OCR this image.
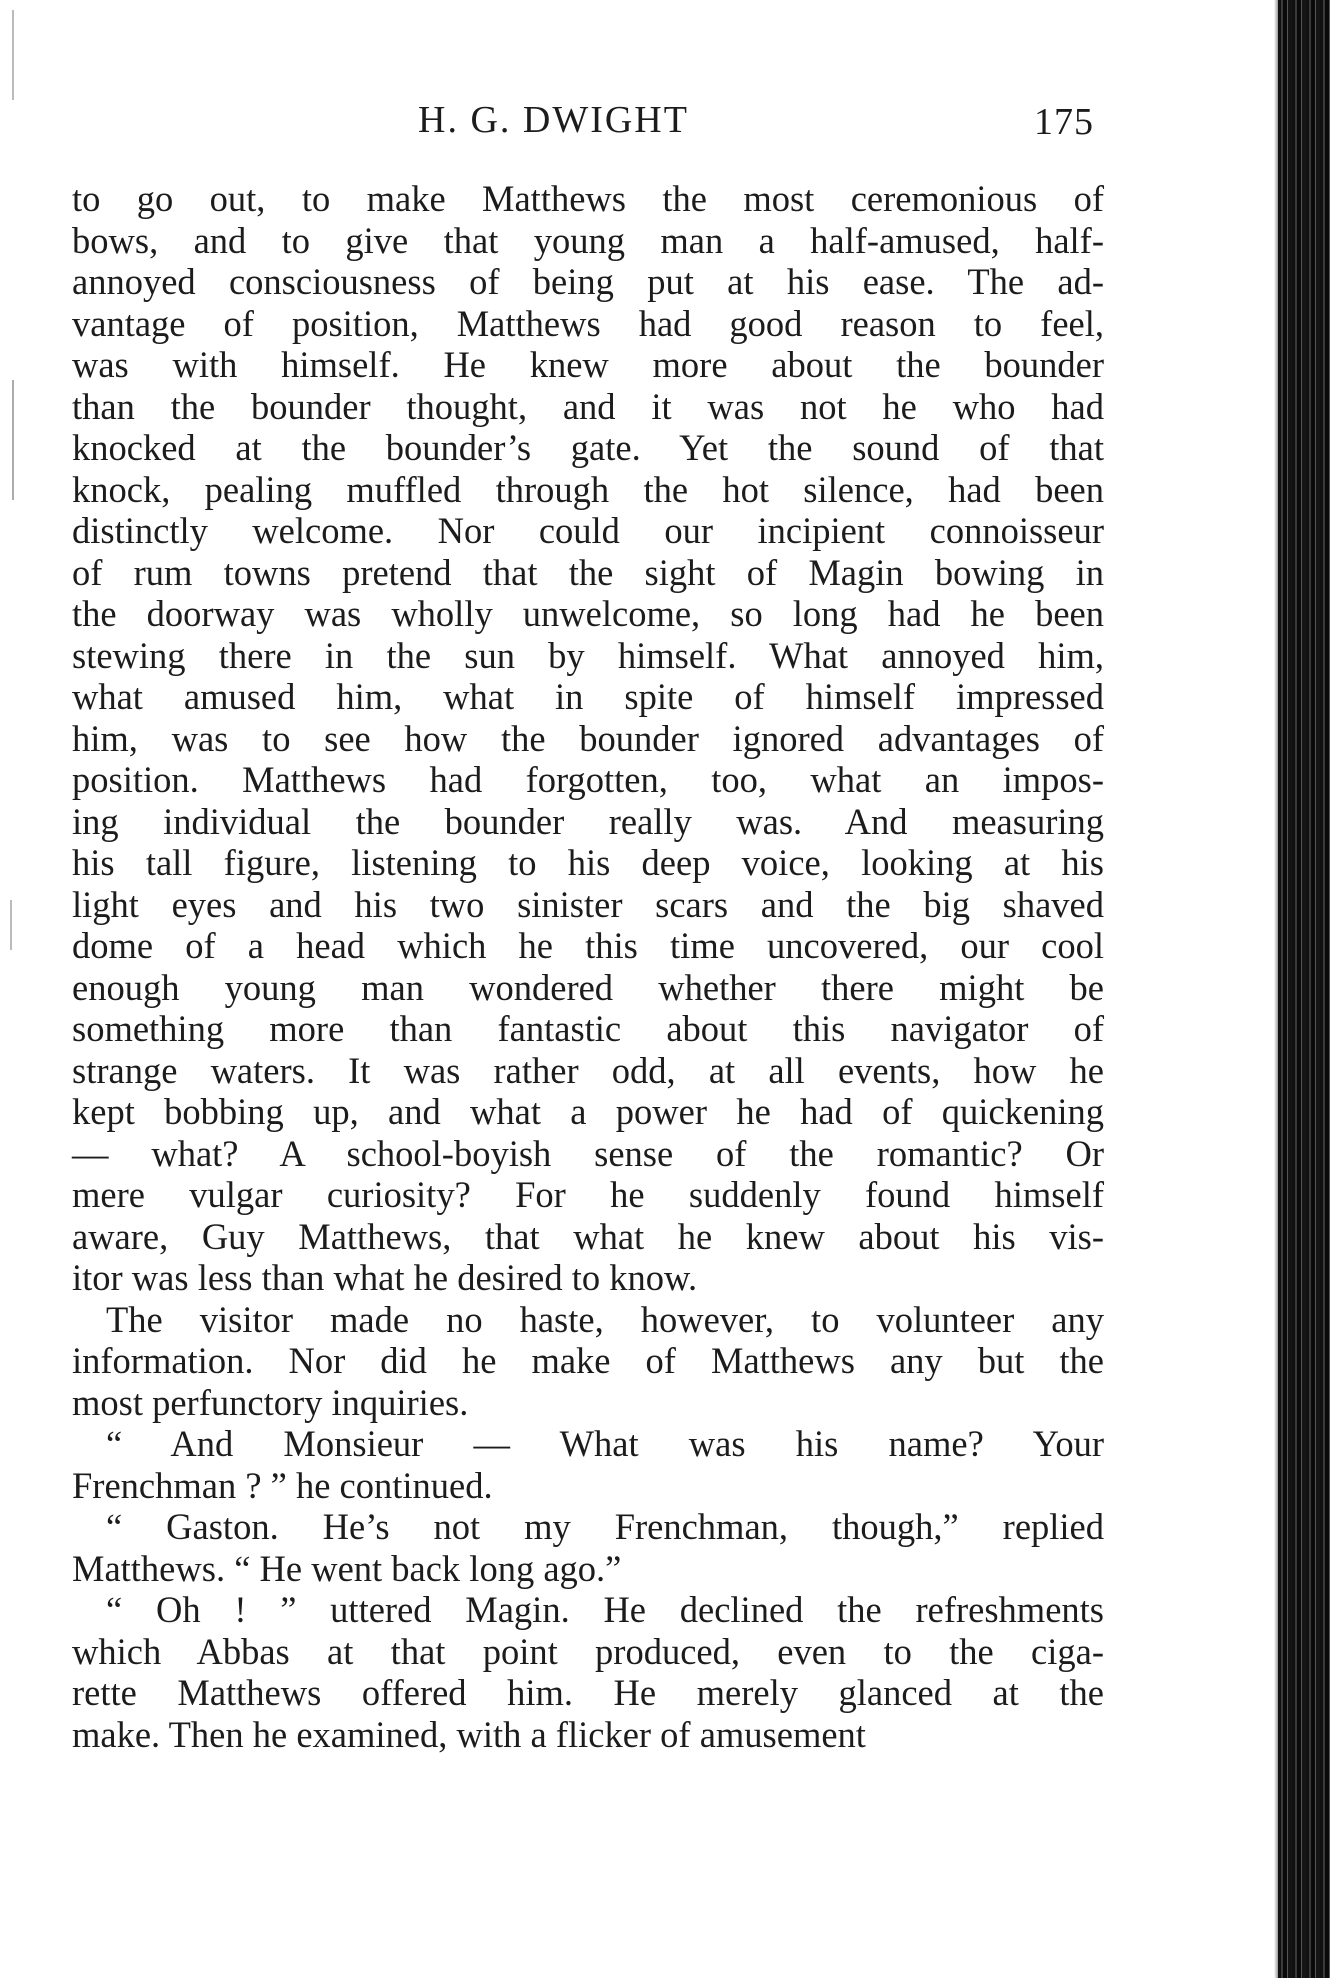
H. G. DWIGHT	175
to go out, to make Matthews the most ceremonious of
bows, and to give that young man a half-amused, half-
annoyed consciousness of being put at his ease. The ad-
vantage of position, Matthews had good reason to feel,
was with himself. He knew more about the bounder
than the bounder thought, and it was not he who had
knocked at the bounder’s gate. Yet the sound of that
knock, pealing muffled through the hot silence, had been
distinctly welcome. Nor could our incipient connoisseur
of rum towns pretend that the sight of Magin bowing in
the doorway was wholly unwelcome, so long had he been
stewing there in the sun by himself. What annoyed him,
what amused him, what in spite of himself impressed
him, was to see how the bounder ignored advantages of
position. Matthews had forgotten, too, what an impos-
ing individual the bounder really was. And measuring
his tall figure, listening to his deep voice, looking at his
light eyes and his two sinister scars and the big shaved
dome of a head which he this time uncovered, our cool
enough young man wondered whether there might be
something more than fantastic about this navigator of
strange waters. It was rather odd, at all events, how he
kept bobbing up, and what a power he had of quickening
— what? A school-boyish sense of the romantic? Or
mere vulgar curiosity? For he suddenly found himself
aware, Guy Matthews, that what he knew about his vis-
itor was less than what he desired to know.
The visitor made no haste, however, to volunteer any
information. Nor did he make of Matthews any but the
most perfunctory inquiries.
“ And Monsieur — What was his name? Your
Frenchman ? ” he continued.
“ Gaston. He’s not my Frenchman, though,” replied
Matthews. “ He went back long ago.”
“ Oh ! ” uttered Magin. He declined the refreshments
which Abbas at that point produced, even to the ciga-
rette Matthews offered him. He merely glanced at the
make. Then he examined, with a flicker of amusement
